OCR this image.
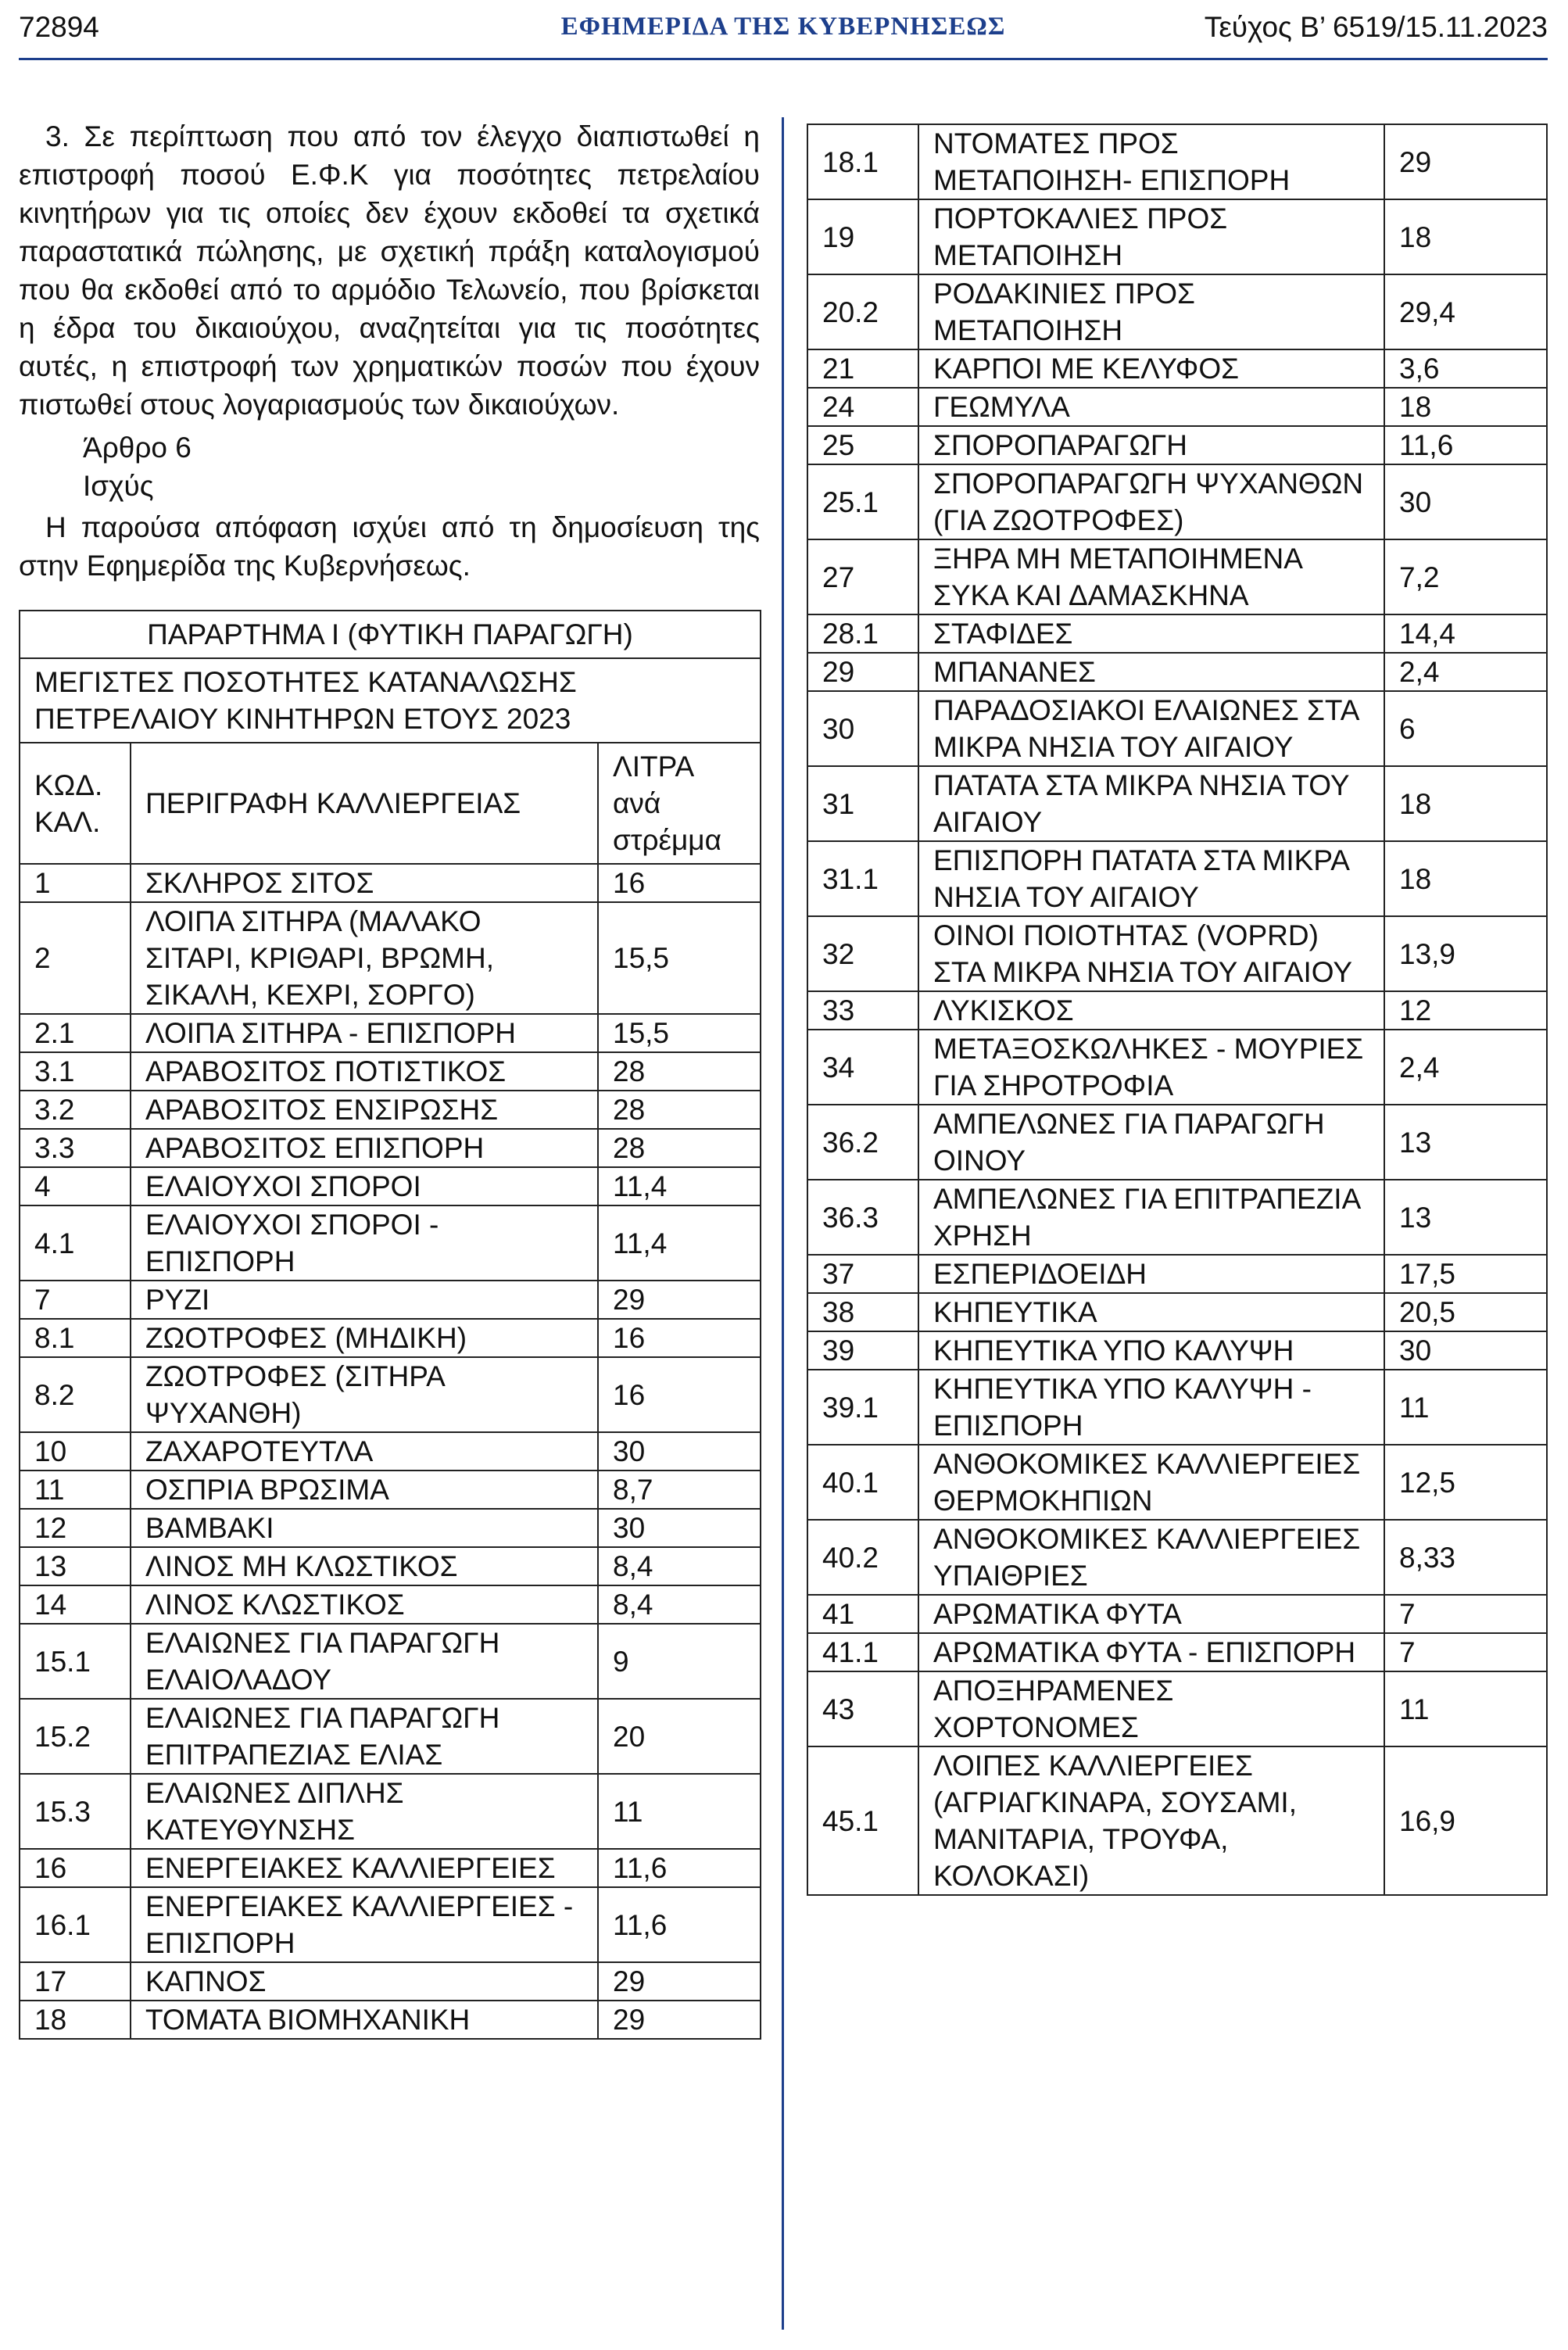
72894	ΕΦΗΜΕΡΙΔΑ ΤΗΣ ΚΥΒΕΡΝΗΣΕΩΣ	Τεύχος Β’ 6519/15.11.2023

3. Σε περίπτωση που από τον έλεγχο διαπιστωθεί η επιστροφή ποσού Ε.Φ.Κ για ποσότητες πετρελαίου κινητήρων για τις οποίες δεν έχουν εκδοθεί τα σχετικά παραστατικά πώλησης, με σχετική πράξη καταλογισμού που θα εκδοθεί από το αρμόδιο Τελωνείο, που βρίσκεται η έδρα του δικαιούχου, αναζητείται για τις ποσότητες αυτές, η επιστροφή των χρηματικών ποσών που έχουν πιστωθεί στους λογαριασμούς των δικαιούχων.

Άρθρο 6

Ισχύς

Η παρούσα απόφαση ισχύει από τη δημοσίευση της στην Εφημερίδα της Κυβερνήσεως.

ΠΑΡΑΡΤΗΜΑ Ι (ΦΥΤΙΚΗ ΠΑΡΑΓΩΓΗ)		
ΜΕΓΙΣΤΕΣ ΠΟΣΟΤΗΤΕΣ ΚΑΤΑΝΑΛΩΣΗΣ ΠΕΤΡΕΛΑΙΟΥ ΚΙΝΗΤΗΡΩΝ ΕΤΟΥΣ 2023		
ΚΩΔ. ΚΑΛ.	ΠΕΡΙΓΡΑΦΗ ΚΑΛΛΙΕΡΓΕΙΑΣ	ΛΙΤΡΑ ανά στρέμμα
1	ΣΚΛΗΡΟΣ ΣΙΤΟΣ	16
2	ΛΟΙΠΑ ΣΙΤΗΡΑ (ΜΑΛΑΚΟ ΣΙΤΑΡΙ, ΚΡΙΘΑΡΙ, ΒΡΩΜΗ, ΣΙΚΑΛΗ, ΚΕΧΡΙ, ΣΟΡΓΟ)	15,5
2.1	ΛΟΙΠΑ ΣΙΤΗΡΑ - ΕΠΙΣΠΟΡΗ	15,5
3.1	ΑΡΑΒΟΣΙΤΟΣ ΠΟΤΙΣΤΙΚΟΣ	28
3.2	ΑΡΑΒΟΣΙΤΟΣ ΕΝΣΙΡΩΣΗΣ	28
3.3	ΑΡΑΒΟΣΙΤΟΣ ΕΠΙΣΠΟΡΗ	28
4	ΕΛΑΙΟΥΧΟΙ ΣΠΟΡΟΙ	11,4
4.1	ΕΛΑΙΟΥΧΟΙ ΣΠΟΡΟΙ - ΕΠΙΣΠΟΡΗ	11,4
7	ΡΥΖΙ	29
8.1	ΖΩΟΤΡΟΦΕΣ (ΜΗΔΙΚΗ)	16
8.2	ΖΩΟΤΡΟΦΕΣ (ΣΙΤΗΡΑ ΨΥΧΑΝΘΗ)	16
10	ΖΑΧΑΡΟΤΕΥΤΛΑ	30
11	ΟΣΠΡΙΑ ΒΡΩΣΙΜΑ	8,7
12	ΒΑΜΒΑΚΙ	30
13	ΛΙΝΟΣ ΜΗ ΚΛΩΣΤΙΚΟΣ	8,4
14	ΛΙΝΟΣ ΚΛΩΣΤΙΚΟΣ	8,4
15.1	ΕΛΑΙΩΝΕΣ ΓΙΑ ΠΑΡΑΓΩΓΗ ΕΛΑΙΟΛΑΔΟΥ	9
15.2	ΕΛΑΙΩΝΕΣ ΓΙΑ ΠΑΡΑΓΩΓΗ ΕΠΙΤΡΑΠΕΖΙΑΣ ΕΛΙΑΣ	20
15.3	ΕΛΑΙΩΝΕΣ ΔΙΠΛΗΣ ΚΑΤΕΥΘΥΝΣΗΣ	11
16	ΕΝΕΡΓΕΙΑΚΕΣ ΚΑΛΛΙΕΡΓΕΙΕΣ	11,6
16.1	ΕΝΕΡΓΕΙΑΚΕΣ ΚΑΛΛΙΕΡΓΕΙΕΣ - ΕΠΙΣΠΟΡΗ	11,6
17	ΚΑΠΝΟΣ	29
18	ΤΟΜΑΤΑ ΒΙΟΜΗΧΑΝΙΚΗ	29
18.1	ΝΤΟΜΑΤΕΣ ΠΡΟΣ ΜΕΤΑΠΟΙΗΣΗ- ΕΠΙΣΠΟΡΗ	29
19	ΠΟΡΤΟΚΑΛΙΕΣ ΠΡΟΣ ΜΕΤΑΠΟΙΗΣΗ	18
20.2	ΡΟΔΑΚΙΝΙΕΣ ΠΡΟΣ ΜΕΤΑΠΟΙΗΣΗ	29,4
21	ΚΑΡΠΟΙ ΜΕ ΚΕΛΥΦΟΣ	3,6
24	ΓΕΩΜΥΛΑ	18
25	ΣΠΟΡΟΠΑΡΑΓΩΓΗ	11,6
25.1	ΣΠΟΡΟΠΑΡΑΓΩΓΗ ΨΥΧΑΝΘΩΝ (ΓΙΑ ΖΩΟΤΡΟΦΕΣ)	30
27	ΞΗΡΑ ΜΗ ΜΕΤΑΠΟΙΗΜΕΝΑ ΣΥΚΑ ΚΑΙ ΔΑΜΑΣΚΗΝΑ	7,2
28.1	ΣΤΑΦΙΔΕΣ	14,4
29	ΜΠΑΝΑΝΕΣ	2,4
30	ΠΑΡΑΔΟΣΙΑΚΟΙ ΕΛΑΙΩΝΕΣ ΣΤΑ ΜΙΚΡΑ ΝΗΣΙΑ ΤΟΥ ΑΙΓΑΙΟΥ	6
31	ΠΑΤΑΤΑ ΣΤΑ ΜΙΚΡΑ ΝΗΣΙΑ ΤΟΥ ΑΙΓΑΙΟΥ	18
31.1	ΕΠΙΣΠΟΡΗ ΠΑΤΑΤΑ ΣΤΑ ΜΙΚΡΑ ΝΗΣΙΑ ΤΟΥ ΑΙΓΑΙΟΥ	18
32	ΟΙΝΟΙ ΠΟΙΟΤΗΤΑΣ (VOPRD) ΣΤΑ ΜΙΚΡΑ ΝΗΣΙΑ ΤΟΥ ΑΙΓΑΙΟΥ	13,9
33	ΛΥΚΙΣΚΟΣ	12
34	ΜΕΤΑΞΟΣΚΩΛΗΚΕΣ - ΜΟΥΡΙΕΣ ΓΙΑ ΣΗΡΟΤΡΟΦΙΑ	2,4
36.2	ΑΜΠΕΛΩΝΕΣ ΓΙΑ ΠΑΡΑΓΩΓΗ ΟΙΝΟΥ	13
36.3	ΑΜΠΕΛΩΝΕΣ ΓΙΑ ΕΠΙΤΡΑΠΕΖΙΑ ΧΡΗΣΗ	13
37	ΕΣΠΕΡΙΔΟΕΙΔΗ	17,5
38	ΚΗΠΕΥΤΙΚΑ	20,5
39	ΚΗΠΕΥΤΙΚΑ ΥΠΟ ΚΑΛΥΨΗ	30
39.1	ΚΗΠΕΥΤΙΚΑ ΥΠΟ ΚΑΛΥΨΗ - ΕΠΙΣΠΟΡΗ	11
40.1	ΑΝΘΟΚΟΜΙΚΕΣ ΚΑΛΛΙΕΡΓΕΙΕΣ ΘΕΡΜΟΚΗΠΙΩΝ	12,5
40.2	ΑΝΘΟΚΟΜΙΚΕΣ ΚΑΛΛΙΕΡΓΕΙΕΣ ΥΠΑΙΘΡΙΕΣ	8,33
41	ΑΡΩΜΑΤΙΚΑ ΦΥΤΑ	7
41.1	ΑΡΩΜΑΤΙΚΑ ΦΥΤΑ - ΕΠΙΣΠΟΡΗ	7
43	ΑΠΟΞΗΡΑΜΕΝΕΣ ΧΟΡΤΟΝΟΜΕΣ	11
45.1	ΛΟΙΠΕΣ ΚΑΛΛΙΕΡΓΕΙΕΣ (ΑΓΡΙΑΓΚΙΝΑΡΑ, ΣΟΥΣΑΜΙ, ΜΑΝΙΤΑΡΙΑ, ΤΡΟΥΦΑ, ΚΟΛΟΚΑΣΙ)	16,9
